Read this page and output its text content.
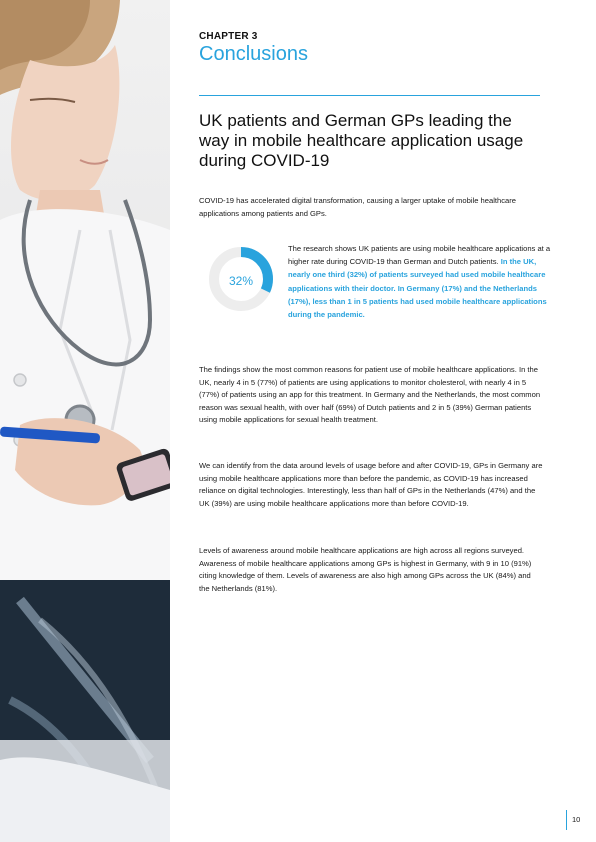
CHAPTER 3
Conclusions
UK patients and German GPs leading the way in mobile healthcare application usage during COVID-19
COVID-19 has accelerated digital transformation, causing a larger uptake of mobile healthcare applications among patients and GPs.
The findings show the most common reasons for patient use of mobile healthcare applications. In the UK, nearly 4 in 5 (77%) of patients are using applications to monitor cholesterol, with nearly 4 in 5 (77%) of patients using an app for this treatment. In Germany and the Netherlands, the most common reason was sexual health, with over half (69%) of Dutch patients and 2 in 5 (39%) German patients using mobile applications for sexual health treatment.
We can identify from the data around levels of usage before and after COVID-19, GPs in Germany are using mobile healthcare applications more than before the pandemic, as COVID-19 has increased reliance on digital technologies. Interestingly, less than half of GPs in the Netherlands (47%) and the UK (39%) are using mobile healthcare applications more than before COVID-19.
Levels of awareness around mobile healthcare applications are high across all regions surveyed. Awareness of mobile healthcare applications among GPs is highest in Germany, with 9 in 10 (91%) citing knowledge of them. Levels of awareness are also high among GPs across the UK (84%) and the Netherlands (81%).
32%
The research shows UK patients are using mobile healthcare applications at a higher rate during COVID-19 than German and Dutch patients. In the UK, nearly one third (32%) of patients surveyed had used mobile healthcare applications with their doctor. In Germany (17%) and the Netherlands (17%), less than 1 in 5 patients had used mobile healthcare applications during the pandemic.
10
